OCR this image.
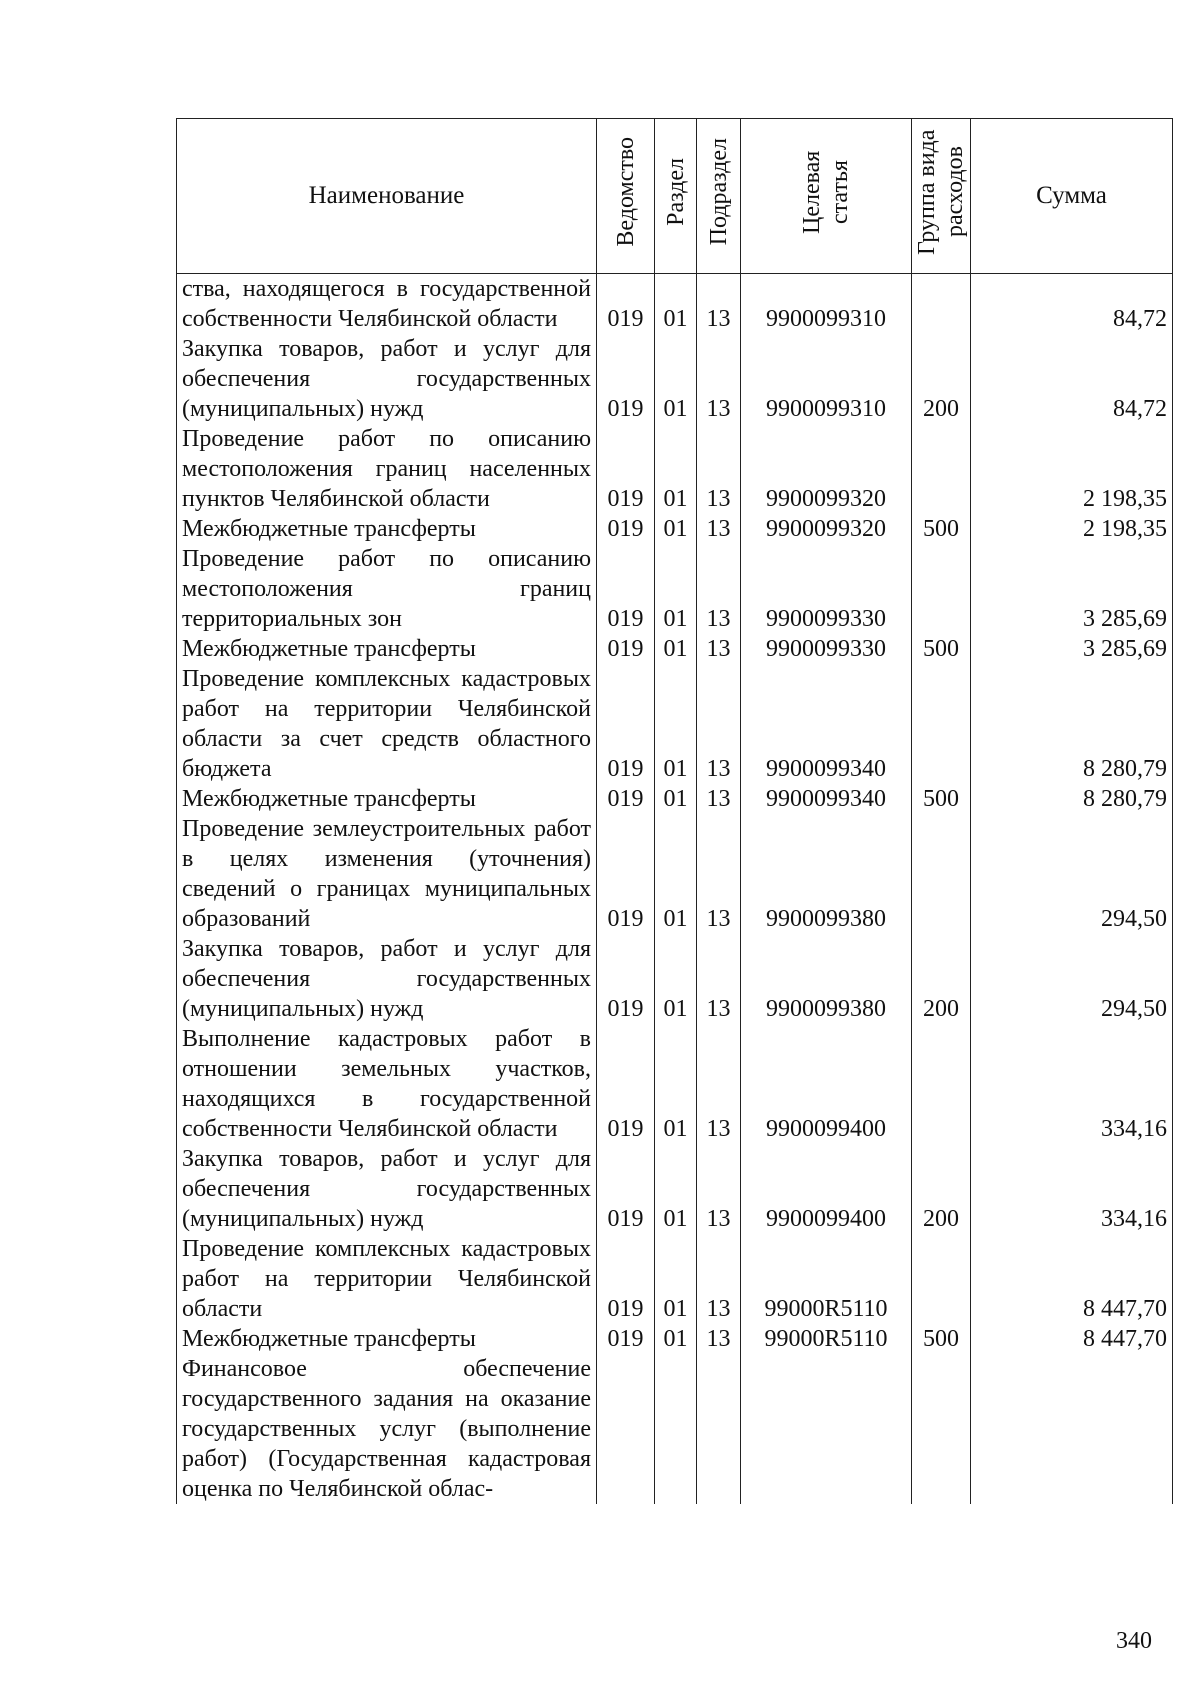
Наименование	Ведомство	Раздел	Подраздел	Целевая статья	Группа вида расходов	Сумма
ства, находящегося в государственной собственности Челябинской области	019	01	13	9900099310		84,72
Закупка товаров, работ и услуг для обеспечения государственных (муниципальных) нужд	019	01	13	9900099310	200	84,72
Проведение работ по описанию местоположения границ населенных пунктов Челябинской области	019	01	13	9900099320		2 198,35
Межбюджетные трансферты	019	01	13	9900099320	500	2 198,35
Проведение работ по описанию местоположения границ территориальных зон	019	01	13	9900099330		3 285,69
Межбюджетные трансферты	019	01	13	9900099330	500	3 285,69
Проведение комплексных кадастровых работ на территории Челябинской области за счет средств областного бюджета	019	01	13	9900099340		8 280,79
Межбюджетные трансферты	019	01	13	9900099340	500	8 280,79
Проведение землеустроительных работ в целях изменения (уточнения) сведений о границах муниципальных образований	019	01	13	9900099380		294,50
Закупка товаров, работ и услуг для обеспечения государственных (муниципальных) нужд	019	01	13	9900099380	200	294,50
Выполнение кадастровых работ в отношении земельных участков, находящихся в государственной собственности Челябинской области	019	01	13	9900099400		334,16
Закупка товаров, работ и услуг для обеспечения государственных (муниципальных) нужд	019	01	13	9900099400	200	334,16
Проведение комплексных кадастровых работ на территории Челябинской области	019	01	13	99000R5110		8 447,70
Межбюджетные трансферты	019	01	13	99000R5110	500	8 447,70
Финансовое обеспечение государственного задания на оказание государственных услуг (выполнение работ) (Государственная кадастровая оценка по Челябинской облас-						
340
